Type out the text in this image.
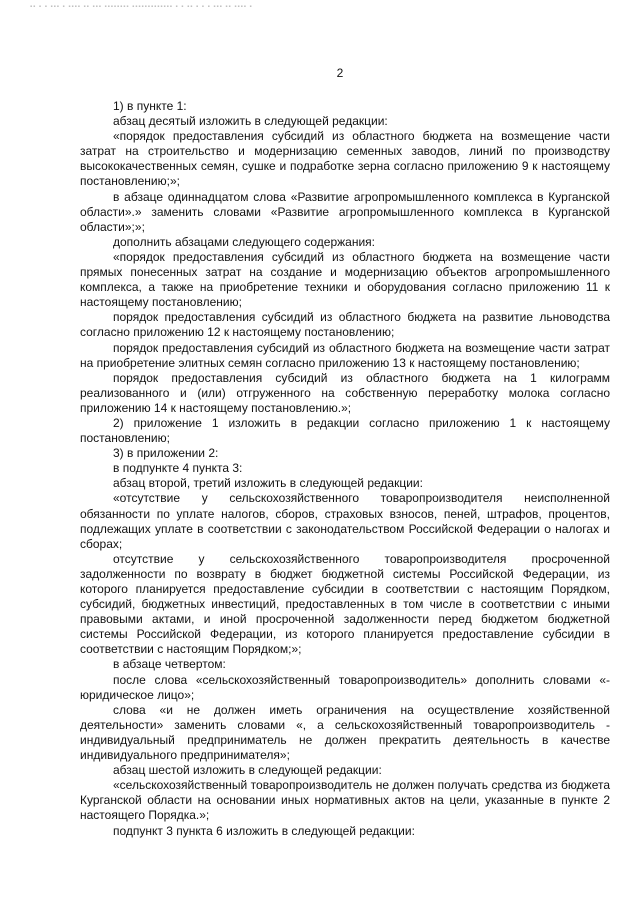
▪▪ ▪ ▪ ▪▪▪ ▪ ▪▪▪▪ ▪▪ ▪▪▪ ▪▪▪▪▪▪▪▪ ▪▪▪▪▪▪▪▪▪▪▪▪▪ ▪ ▪ ▪▪ ▪ ▪ ▪ ▪▪▪ ▪▪ ▪▪▪▪ ▪
2

1) в пункте 1:

абзац десятый изложить в следующей редакции:

«порядок предоставления субсидий из областного бюджета на возмещение части затрат на строительство и модернизацию семенных заводов, линий по производству высококачественных семян, сушке и подработке зерна согласно приложению 9 к настоящему постановлению;»;

в абзаце одиннадцатом слова «Развитие агропромышленного комплекса в Курганской области».» заменить словами «Развитие агропромышленного комплекса в Курганской области»;»;

дополнить абзацами следующего содержания:

«порядок предоставления субсидий из областного бюджета на возмещение части прямых понесенных затрат на создание и модернизацию объектов агропромышленного комплекса, а также на приобретение техники и оборудования согласно приложению 11 к настоящему постановлению;

порядок предоставления субсидий из областного бюджета на развитие льноводства согласно приложению 12 к настоящему постановлению;

порядок предоставления субсидий из областного бюджета на возмещение части затрат на приобретение элитных семян согласно приложению 13 к настоящему постановлению;

порядок предоставления субсидий из областного бюджета на 1 килограмм реализованного и (или) отгруженного на собственную переработку молока согласно приложению 14 к настоящему постановлению.»;

2) приложение 1 изложить в редакции согласно приложению 1 к настоящему постановлению;

3) в приложении 2:

в подпункте 4 пункта 3:

абзац второй, третий изложить в следующей редакции:

«отсутствие у сельскохозяйственного товаропроизводителя неисполненной обязанности по уплате налогов, сборов, страховых взносов, пеней, штрафов, процентов, подлежащих уплате в соответствии с законодательством Российской Федерации о налогах и сборах;

отсутствие у сельскохозяйственного товаропроизводителя просроченной задолженности по возврату в бюджет бюджетной системы Российской Федерации, из которого планируется предоставление субсидии в соответствии с настоящим Порядком, субсидий, бюджетных инвестиций, предоставленных в том числе в соответствии с иными правовыми актами, и иной просроченной задолженности перед бюджетом бюджетной системы Российской Федерации, из которого планируется предоставление субсидии в соответствии с настоящим Порядком;»;

в абзаце четвертом:

после слова «сельскохозяйственный товаропроизводитель» дополнить словами «- юридическое лицо»;

слова «и не должен иметь ограничения на осуществление хозяйственной деятельности» заменить словами «, а сельскохозяйственный товаропроизводитель - индивидуальный предприниматель не должен прекратить деятельность в качестве индивидуального предпринимателя»;

абзац шестой изложить в следующей редакции:

«сельскохозяйственный товаропроизводитель не должен получать средства из бюджета Курганской области на основании иных нормативных актов на цели, указанные в пункте 2 настоящего Порядка.»;

подпункт 3 пункта 6 изложить в следующей редакции:
